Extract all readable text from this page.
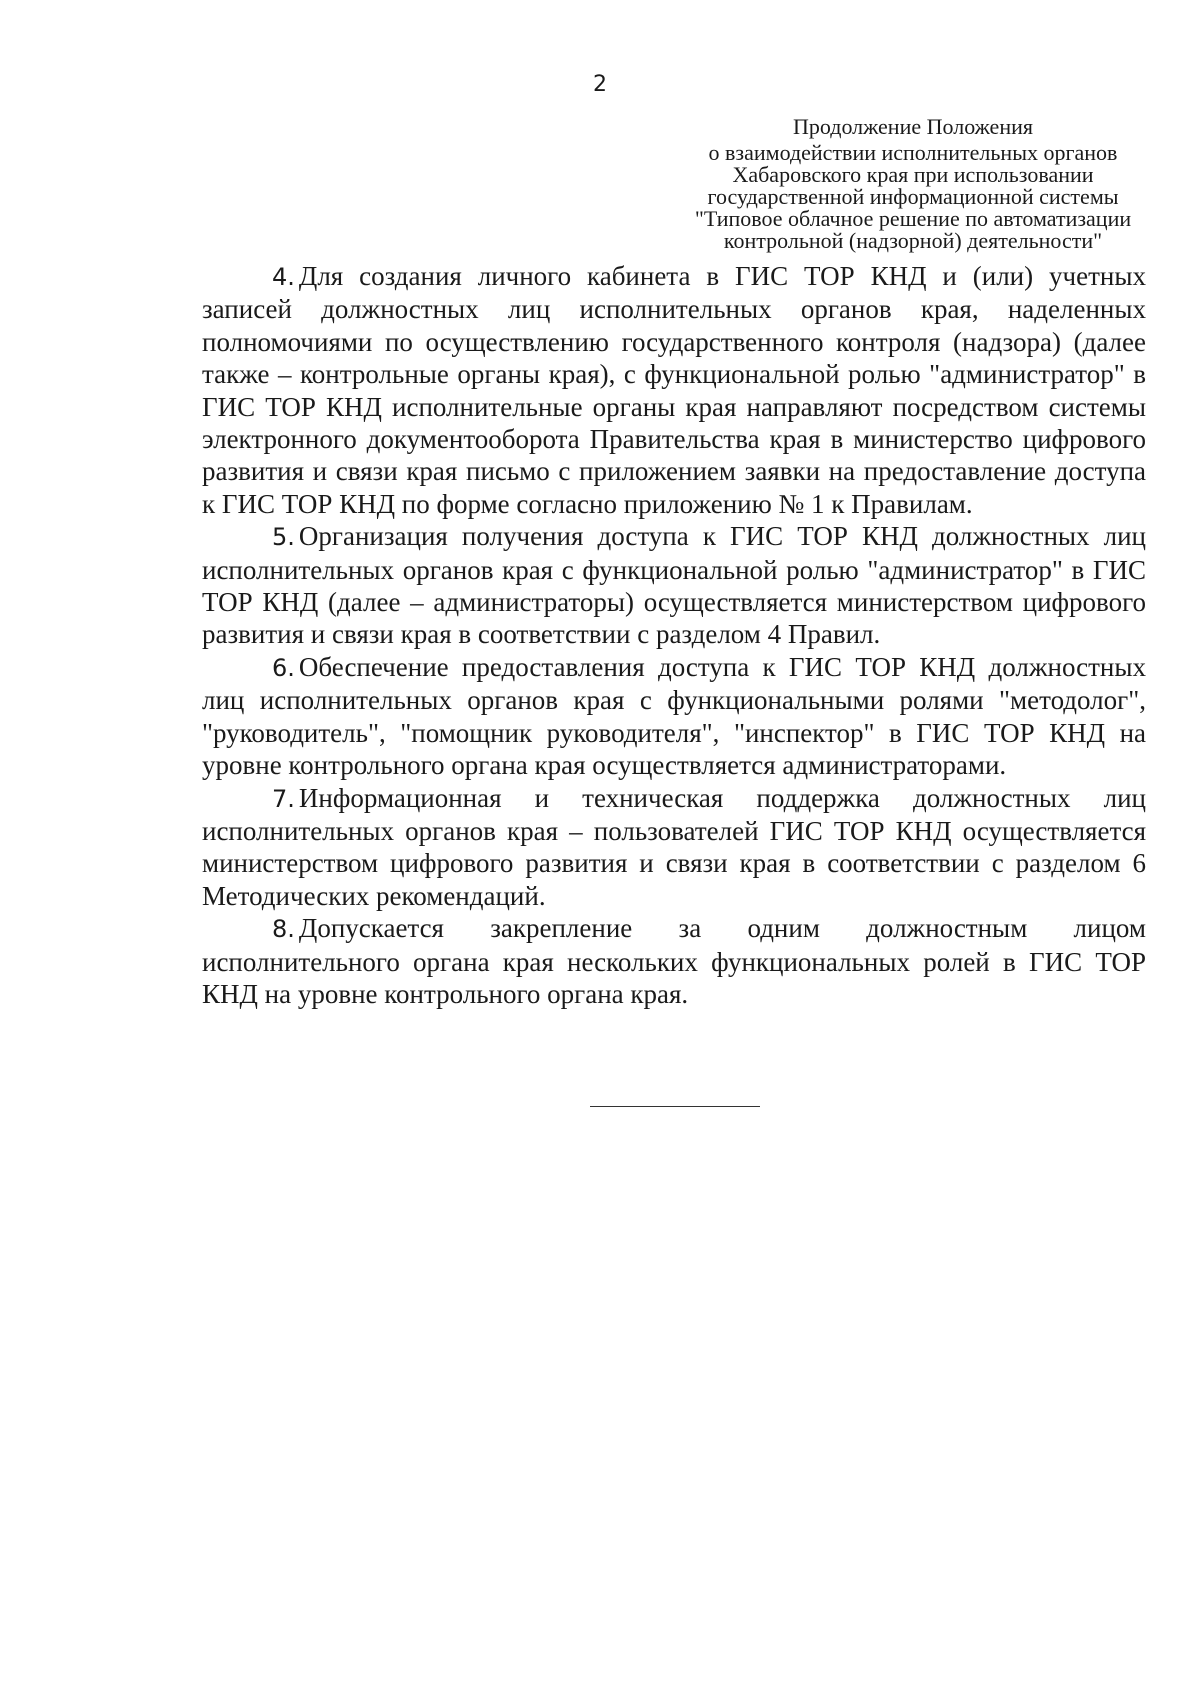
2
Продолжение Положения
о взаимодействии исполнительных органов
Хабаровского края при использовании
государственной информационной системы
"Типовое облачное решение по автоматизации
контрольной (надзорной) деятельности"

4. Для создания личного кабинета в ГИС ТОР КНД и (или) учетных записей должностных лиц исполнительных органов края, наделенных полномочиями по осуществлению государственного контроля (надзора) (далее также – контрольные органы края), с функциональной ролью "администратор" в ГИС ТОР КНД исполнительные органы края направляют посредством системы электронного документооборота Правительства края в министерство цифрового развития и связи края письмо с приложением заявки на предоставление доступа к ГИС ТОР КНД по форме согласно приложению № 1 к Правилам.

5. Организация получения доступа к ГИС ТОР КНД должностных лиц исполнительных органов края с функциональной ролью "администратор" в ГИС ТОР КНД (далее – администраторы) осуществляется министерством цифрового развития и связи края в соответствии с разделом 4 Правил.

6. Обеспечение предоставления доступа к ГИС ТОР КНД должностных лиц исполнительных органов края с функциональными ролями "методолог", "руководитель", "помощник руководителя", "инспектор" в ГИС ТОР КНД на уровне контрольного органа края осуществляется администраторами.

7. Информационная и техническая поддержка должностных лиц исполнительных органов края – пользователей ГИС ТОР КНД осуществляется министерством цифрового развития и связи края в соответствии с разделом 6 Методических рекомендаций.

8. Допускается закрепление за одним должностным лицом исполнительного органа края нескольких функциональных ролей в ГИС ТОР КНД на уровне контрольного органа края.
